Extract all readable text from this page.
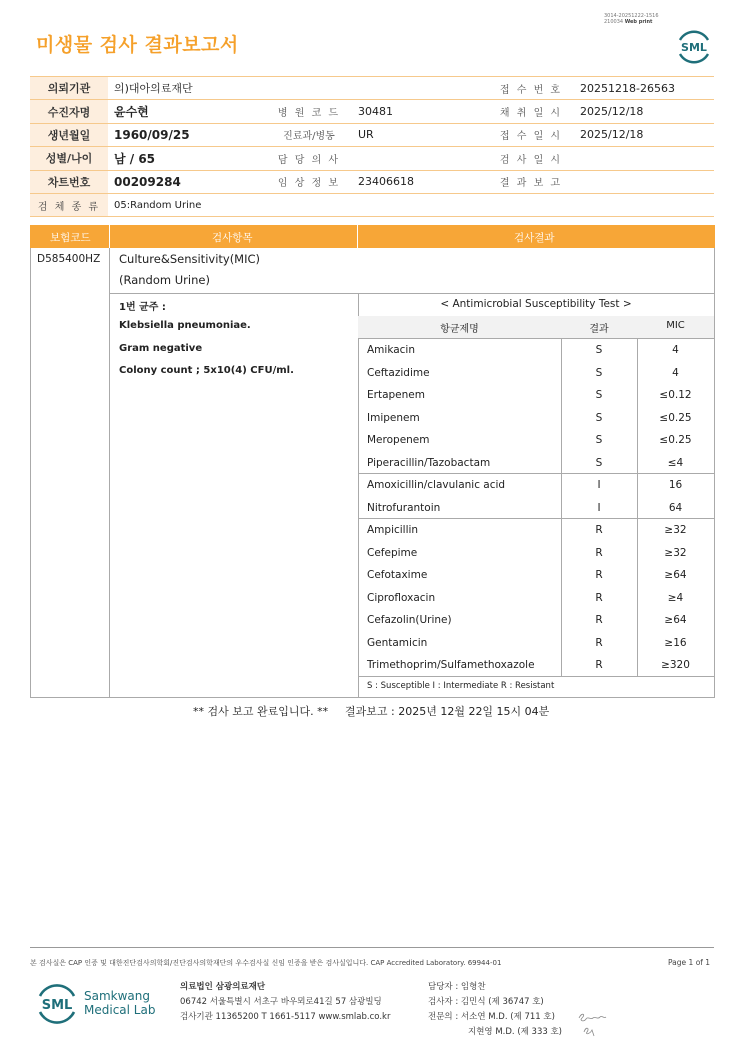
미생물 검사 결과보고서
3014-20251222-1516
210034 Web print
SML
의뢰기관	의)대아의료재단			접 수 번 호	20251218-26563
수진자명	윤수현	병 원 코 드	30481	채 취 일 시	2025/12/18
생년월일	1960/09/25	진료과/병동	UR	접 수 일 시	2025/12/18
성별/나이	남 / 65	담 당 의 사		검 사 일 시	
차트번호	00209284	임 상 정 보	23406618	결 과 보 고	
검 체 종 류	05:Random Urine				
보험코드	검사항목	검사결과
D585400HZ Culture&Sensitivity(MIC)
(Random Urine)
1번 균주 :
Klebsiella pneumoniae.
Gram negative
Colony count ; 5x10(4) CFU/ml.
< Antimicrobial Susceptibility Test >
항균제명	결과	MIC
Amikacin	S	4
Ceftazidime	S	4
Ertapenem	S	≤0.12
Imipenem	S	≤0.25
Meropenem	S	≤0.25
Piperacillin/Tazobactam	S	≤4
Amoxicillin/clavulanic acid	I	16
Nitrofurantoin	I	64
Ampicillin	R	≥32
Cefepime	R	≥32
Cefotaxime	R	≥64
Ciprofloxacin	R	≥4
Cefazolin(Urine)	R	≥64
Gentamicin	R	≥16
Trimethoprim/Sulfamethoxazole	R	≥320
S : Susceptible I : Intermediate R : Resistant
** 검사 보고 완료입니다. ** 결과보고 : 2025년 12월 22일 15시 04분
본 검사실은 CAP 인증 및 대한진단검사의학회/진단검사의학재단의 우수검사실 신임 인증을 받은 검사실입니다. CAP Accredited Laboratory. 69944-01	Page 1 of 1
SML
Samkwang
Medical Lab
의료법인 삼광의료재단
06742 서울특별시 서초구 바우뫼로41길 57 삼광빌딩
검사기관 11365200 T 1661-5117 www.smlab.co.kr
담당자 : 임형찬
검사자 : 김민식 (제 36747 호)
전문의 : 서소연 M.D. (제 711 호)
지현영 M.D. (제 333 호)
